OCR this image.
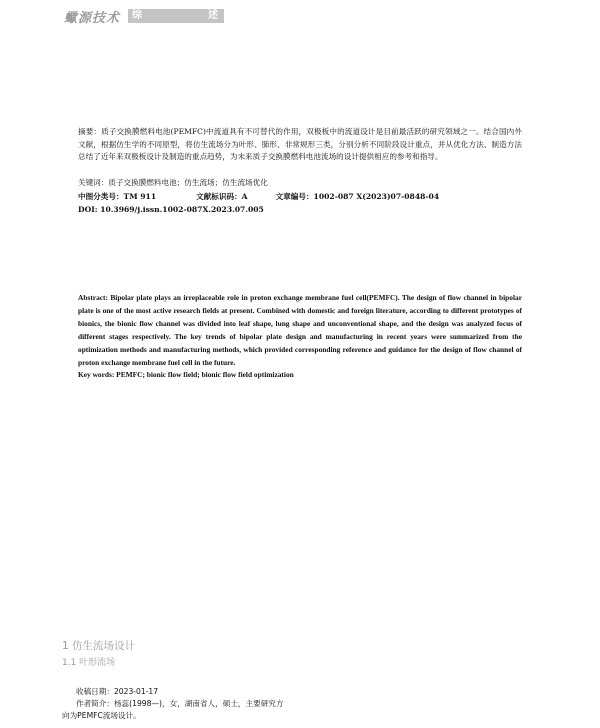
蠍源技术 综	述

摘要：质子交换膜燃料电池(PEMFC)中流道具有不可替代的作用，双极板中的流道设计是目前最活跃的研究领域之一。结合国内外文献，根据仿生学的不同原型，将仿生流场分为叶形、肺形、非常规形三类，分别分析不同阶段设计重点，并从优化方法、制造方法总结了近年来双极板设计及制造的重点趋势，为未来质子交换膜燃料电池流场的设计提供相应的参考和指导。

关键词：质子交换膜燃料电池；仿生流场；仿生流场优化
中图分类号：TM 911	文献标识码：A	文章编号：1002-087 X(2023)07-0848-04
DOI: 10.3969/j.issn.1002-087X.2023.07.005

Abstract: Bipolar plate plays an irreplaceable role in proton exchange membrane fuel cell(PEMFC). The design of flow channel in bipolar plate is one of the most active research fields at present. Combined with domestic and foreign literature, according to different prototypes of bionics, the bionic flow channel was divided into leaf shape, lung shape and unconventional shape, and the design was analyzed focus of different stages respectively. The key trends of bipolar plate design and manufacturing in recent years were summarized from the optimization methods and manufacturing methods, which provided corresponding reference and guidance for the design of flow channel of proton exchange membrane fuel cell in the future.

Key words: PEMFC; bionic flow field; bionic flow field optimization

1 仿生流场设计
1.1 叶形流场
收稿日期：2023-01-17
作者简介：杨蕊(1998—)，女，湖南省人，硕士，主要研究方
向为PEMFC流场设计。
